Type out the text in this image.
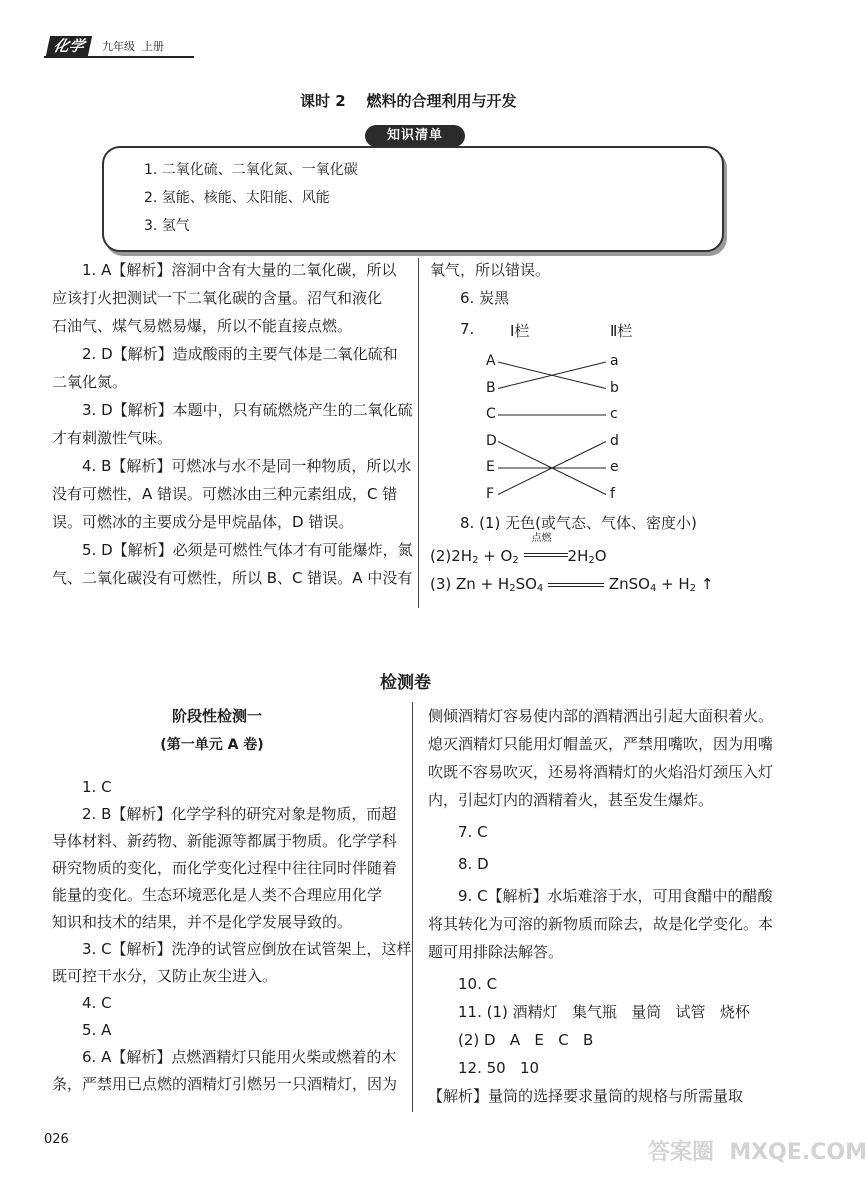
化学	九年级  上册
课时 2    燃料的合理利用与开发
1. 二氧化硫、二氧化氮、一氧化碳
2. 氢能、核能、太阳能、风能
3. 氢气
知识清单
1. A【解析】溶洞中含有大量的二氧化碳，所以
应该打火把测试一下二氧化碳的含量。沼气和液化
石油气、煤气易燃易爆，所以不能直接点燃。
2. D【解析】造成酸雨的主要气体是二氧化硫和
二氧化氮。
3. D【解析】本题中，只有硫燃烧产生的二氧化硫
才有刺激性气味。
4. B【解析】可燃冰与水不是同一种物质，所以水
没有可燃性，A 错误。可燃冰由三种元素组成，C 错
误。可燃冰的主要成分是甲烷晶体，D 错误。
5. D【解析】必须是可燃性气体才有可能爆炸，氮
气、二氧化碳没有可燃性，所以 B、C 错误。A 中没有
氧气，所以错误。
6. 炭黑
7. Ⅰ栏	Ⅱ栏
A
B
C
D
E
F
a
b
c
d
e
f
8. (1) 无色(或气态、气体、密度小)
$(2)2H_2 + O_2$
点燃
$2H_2O$
(3) $Zn + H_2SO_4$	ZnSO$_4$ + $H_2$ ↑
检测卷
阶段性检测一
(第一单元 A 卷)
1. C
2. B【解析】化学学科的研究对象是物质，而超
导体材料、新药物、新能源等都属于物质。化学学科
研究物质的变化，而化学变化过程中往往同时伴随着
能量的变化。生态环境恶化是人类不合理应用化学
知识和技术的结果，并不是化学发展导致的。
3. C【解析】洗净的试管应倒放在试管架上，这样
既可控干水分，又防止灰尘进入。
4. C
5. A
6. A【解析】点燃酒精灯只能用火柴或燃着的木
条，严禁用已点燃的酒精灯引燃另一只酒精灯，因为
侧倾酒精灯容易使内部的酒精洒出引起大面积着火。
熄灭酒精灯只能用灯帽盖灭，严禁用嘴吹，因为用嘴
吹既不容易吹灭，还易将酒精灯的火焰沿灯颈压入灯
内，引起灯内的酒精着火，甚至发生爆炸。
7. C
8. D
9. C【解析】水垢难溶于水，可用食醋中的醋酸
将其转化为可溶的新物质而除去，故是化学变化。本
题可用排除法解答。
10. C
11. (1) 酒精灯   集气瓶   量筒   试管   烧杯
(2) D   A   E   C   B
12. 50   10
【解析】量筒的选择要求量筒的规格与所需量取
026
答案圈  MXQE.COM
